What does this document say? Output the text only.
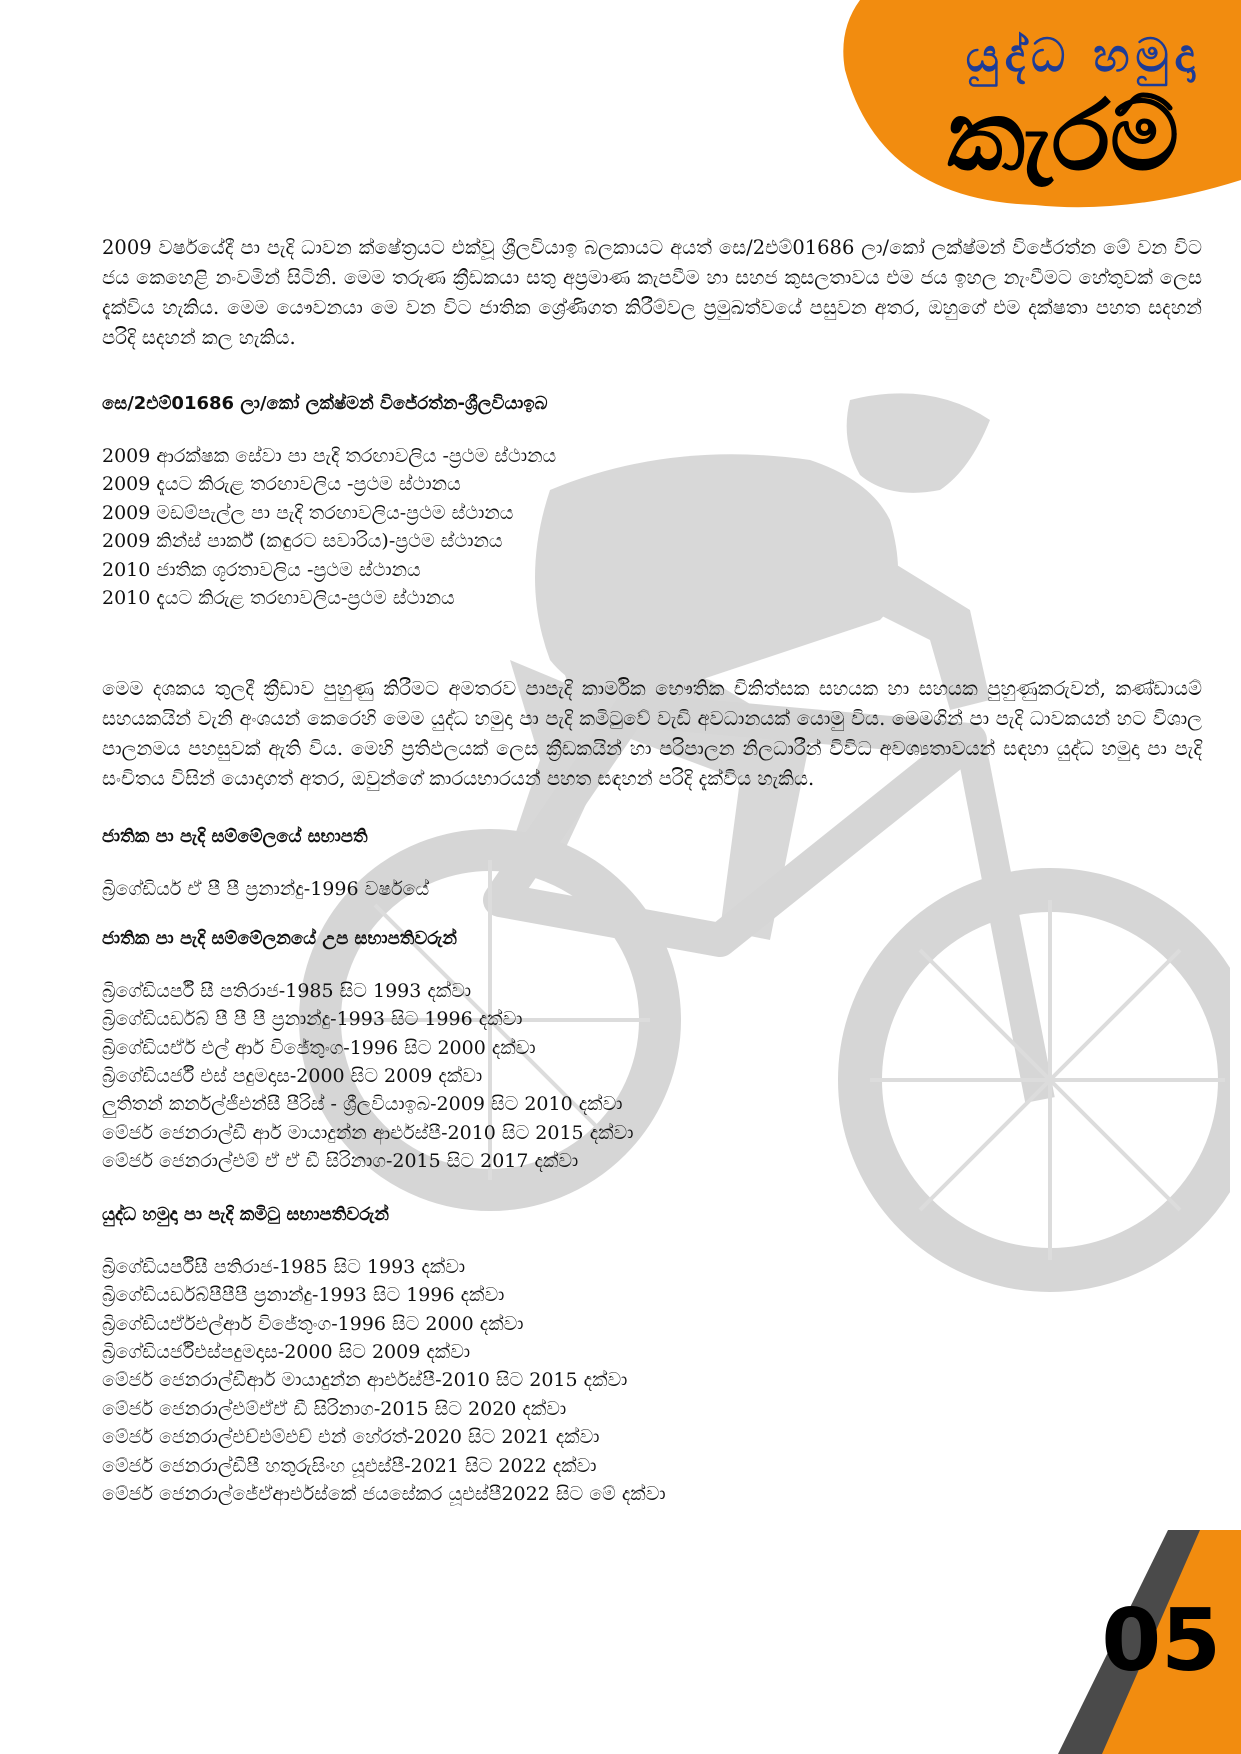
යුද්ධ හමුදා
කැරම්

2009 වර්ෂයේදී පා පැදි ධාවන ක්ෂේත්‍රයට එක්වූ ශ්‍රීලවියාඉ බලකායට අයත් සෙ/2එම්01686 ලා/කෝ ලක්ෂ්මන් විජේරත්න මේ වන විට ජය කෙහෙළි නංවමින් සිටිනි. මෙම තරුණ ක්‍රීඩකයා සතු අප්‍රමාණ කැපවීම හා සහජ කුසලතාවය එම ජය ඉහල නැංවීමට හේතුවක් ලෙස දැක්විය හැකිය. මෙම යෞවනයා මෙ වන විට ජාතික ශ්‍රේණිගත කිරීම්වල ප්‍රමුඛත්වයේ පසුවන අතර, ඔහුගේ එම දක්ෂතා පහත සදහන් පරිදි සදහන් කල හැකිය.

සෙ/2එම්01686 ලා/කෝ ලක්ෂ්මන් විජේරත්න-ශ්‍රීලවියාඉබ

2009 ආරක්ෂක සේවා පා පැදි තරඟාවලිය -ප්‍රථම ස්ථානය
2009 දැයට කිරුළ තරඟාවලිය -ප්‍රථම ස්ථානය
2009 මඩම්පැල්ල පා පැදි තරඟාවලිය-ප්‍රථම ස්ථානය
2009 කින්ස් පාර්ක් (කඳුරට සවාරිය)-ප්‍රථම ස්ථානය
2010 ජාතික ශූරතාවලිය -ප්‍රථම ස්ථානය
2010 දැයට කිරුළ තරඟාවලිය-ප්‍රථම ස්ථානය

මෙම දශකය තුලදී ක්‍රීඩාව පුහුණු කිරීමට අමතරව පාපැදි කාර්මික භෞතික චිකිත්සක සහයක හා සහයක පුහුණුකරුවන්, කණ්ඩායම් සහයකයින් වැනි අංශයන් කෙරෙහි මෙම යුද්ධ හමුදා පා පැදි කමිටුවේ වැඩි අවධානයක් යොමු විය. මෙමගින් පා පැදි ධාවකයන් හට විශාල පාලනමය පහසුවක් ඇති විය. මෙහි ප්‍රතිඵලයක් ලෙස ක්‍රීඩකයින් හා පරිපාලන නිලධාරීන් විවිධ අවශ්‍යතාවයන් සඳහා යුද්ධ හමුදා පා පැදි සංචිතය විසින් යොදාගත් අතර, ඔවුන්ගේ කාරයභාරයන් පහත සඳහන් පරිදි දැක්විය හැකිය.

ජාතික පා පැදි සම්මේලයේ සභාපති

බ්‍රිගේඩියර් ඒ පී පී ප්‍රනාන්දු-1996 වර්ෂයේ

ජාතික පා පැදි සම්මේලනයේ උප සභාපතිවරුන්

බ්‍රිගේඩියර්පී සී පතිරාජ-1985 සිට 1993 දක්වා
බ්‍රිගේඩියර්ඩබ් පී පී පී ප්‍රනාන්දු-1993 සිට 1996 දක්වා
බ්‍රිගේඩියර්ඒ එල් ආර් විජේතුංග-1996 සිට 2000 දක්වා
බ්‍රිගේඩියර්ජී එස් පදුමදාස-2000 සිට 2009 දක්වා
ලුතිතන් කර්නල්ජීඑන්සී පීරිස් - ශ්‍රීලවියාඉබ-2009 සිට 2010 දක්වා
මේජර් ජෙනරාල්ඩී ආර් මායාදුන්න ආර්එස්පී-2010 සිට 2015 දක්වා
මේජර් ජෙනරාල්එම් ඒ ඒ ඩී සිරිනාග-2015 සිට 2017 දක්වා

යුද්ධ හමුදා පා පැදි කමිටු සභාපතිවරුන්

බ්‍රිගේඩියර්පීසී පතිරාජ-1985 සිට 1993 දක්වා
බ්‍රිගේඩියර්ඩබ්පීපීපී ප්‍රනාන්දු-1993 සිට 1996 දක්වා
බ්‍රිගේඩියර්ඒඑල්ආර් විජේතුංග-1996 සිට 2000 දක්වා
බ්‍රිගේඩියර්ජීඑස්පදුමදාස-2000 සිට 2009 දක්වා
මේජර් ජෙනරාල්ඩීආර් මායාදුන්න ආර්එස්පී-2010 සිට 2015 දක්වා
මේජර් ජෙනරාල්එම්ඒඒ ඩී සිරිනාග-2015 සිට 2020 දක්වා
මේජර් ජෙනරාල්එච්එම්එච් එන් හේරත්-2020 සිට 2021 දක්වා
මේජර් ජෙනරාල්ඩීපී හතුරුසිංහ යූඑස්පී-2021 සිට 2022 දක්වා
මේජර් ජෙනරාල්ජේඒආර්එස්කේ ජයසේකර යූඑස්පී2022 සිට මේ දක්වා
05
